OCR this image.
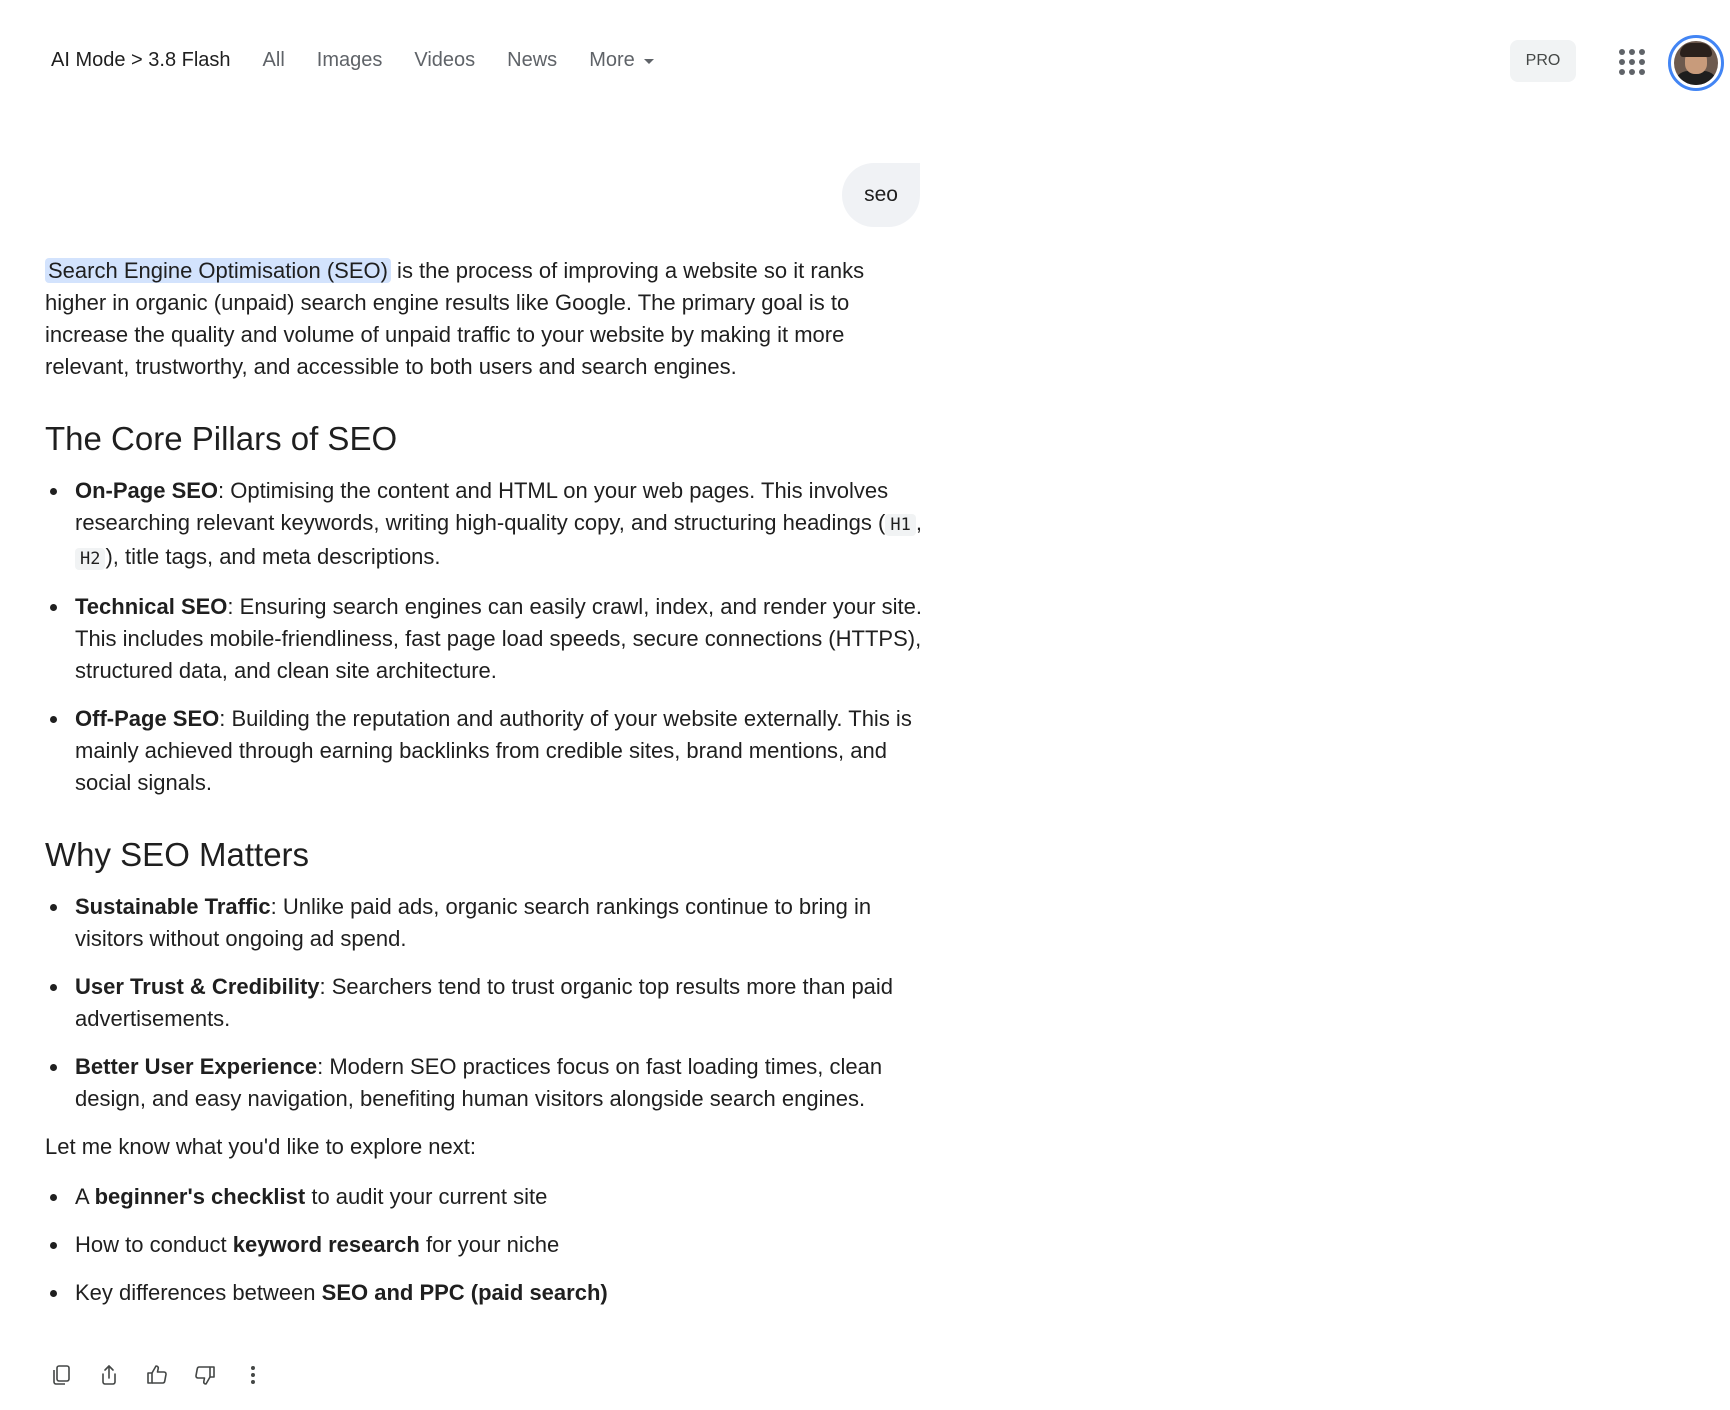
AI Mode > 3.8 Flash All Images Videos News More	PRO
seo

Search Engine Optimisation (SEO) is the process of improving a website so it ranks higher in organic (unpaid) search engine results like Google. The primary goal is to increase the quality and volume of unpaid traffic to your website by making it more relevant, trustworthy, and accessible to both users and search engines.

The Core Pillars of SEO
On-Page SEO: Optimising the content and HTML on your web pages. This involves researching relevant keywords, writing high-quality copy, and structuring headings ( H1 , H2 ), title tags, and meta descriptions.
Technical SEO: Ensuring search engines can easily crawl, index, and render your site. This includes mobile-friendliness, fast page load speeds, secure connections (HTTPS), structured data, and clean site architecture.
Off-Page SEO: Building the reputation and authority of your website externally. This is mainly achieved through earning backlinks from credible sites, brand mentions, and social signals.
Why SEO Matters
Sustainable Traffic: Unlike paid ads, organic search rankings continue to bring in visitors without ongoing ad spend.
User Trust & Credibility: Searchers tend to trust organic top results more than paid advertisements.
Better User Experience: Modern SEO practices focus on fast loading times, clean design, and easy navigation, benefiting human visitors alongside search engines.

Let me know what you'd like to explore next:

A beginner's checklist to audit your current site
How to conduct keyword research for your niche
Key differences between SEO and PPC (paid search)
